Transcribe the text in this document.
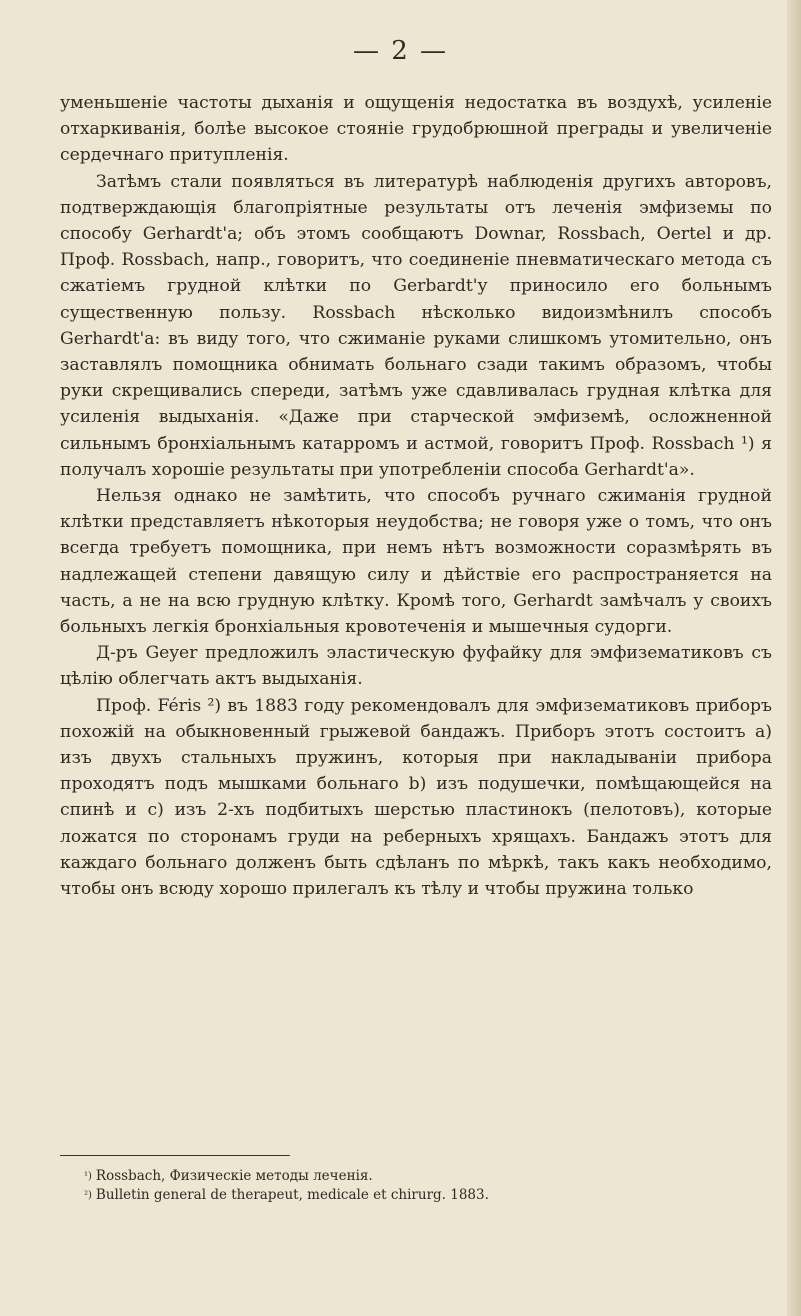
— 2 —

уменьшеніе частоты дыханія и ощущенія недостатка въ воздухѣ, усиленіе отхаркиванія, болѣе высокое стояніе грудобрюшной преграды и увеличеніе сердечнаго притупленія.

Затѣмъ стали появляться въ литературѣ наблюденія другихъ авторовъ, подтверждающія благопріятные результаты отъ леченія эмфиземы по способу Gerhardt'a; объ этомъ сообщаютъ Downar, Rossbach, Oertel и др. Проф. Rossbach, напр., говоритъ, что соединеніе пневматическаго метода съ сжатіемъ грудной клѣтки по Gerbardt'у приносило его больнымъ существенную пользу. Rossbach нѣсколько видоизмѣнилъ способъ Gerhardt'a: въ виду того, что сжиманіе руками слишкомъ утомительно, онъ заставлялъ помощника обнимать больнаго сзади такимъ образомъ, чтобы руки скрещивались спереди, затѣмъ уже сдавливалась грудная клѣтка для усиленія выдыханія. «Даже при старческой эмфиземѣ, осложненной сильнымъ бронхіальнымъ катарромъ и астмой, говоритъ Проф. Rossbach ¹) я получалъ хорошіе результаты при употребленіи способа Gerhardt'a».

Нельзя однако не замѣтить, что способъ ручнаго сжиманія грудной клѣтки представляетъ нѣкоторыя неудобства; не говоря уже о томъ, что онъ всегда требуетъ помощника, при немъ нѣтъ возможности соразмѣрять въ надлежащей степени давящую силу и дѣйствіе его распространяется на часть, а не на всю грудную клѣтку. Кромѣ того, Gerhardt замѣчалъ у своихъ больныхъ легкія бронхіальныя кровотеченія и мышечныя судорги.

Д-ръ Geyer предложилъ эластическую фуфайку для эмфизематиковъ съ цѣлію облегчать актъ выдыханія.

Проф. Féris ²) въ 1883 году рекомендовалъ для эмфизематиковъ приборъ похожій на обыкновенный грыжевой бандажъ. Приборъ этотъ состоитъ a) изъ двухъ стальныхъ пружинъ, которыя при накладываніи прибора проходятъ подъ мышками больнаго b) изъ подушечки, помѣщающейся на спинѣ и c) изъ 2-хъ подбитыхъ шерстью пластинокъ (пелотовъ), которые ложатся по сторонамъ груди на реберныхъ хрящахъ. Бандажъ этотъ для каждаго больнаго долженъ быть сдѣланъ по мѣркѣ, такъ какъ необходимо, чтобы онъ всюду хорошо прилегалъ къ тѣлу и чтобы пружина только

$^{^1)}$ Rossbach, Физическіе методы леченія.
$^{^2)}$ Bulletin general de therapeut, medicale et chirurg. 1883.
